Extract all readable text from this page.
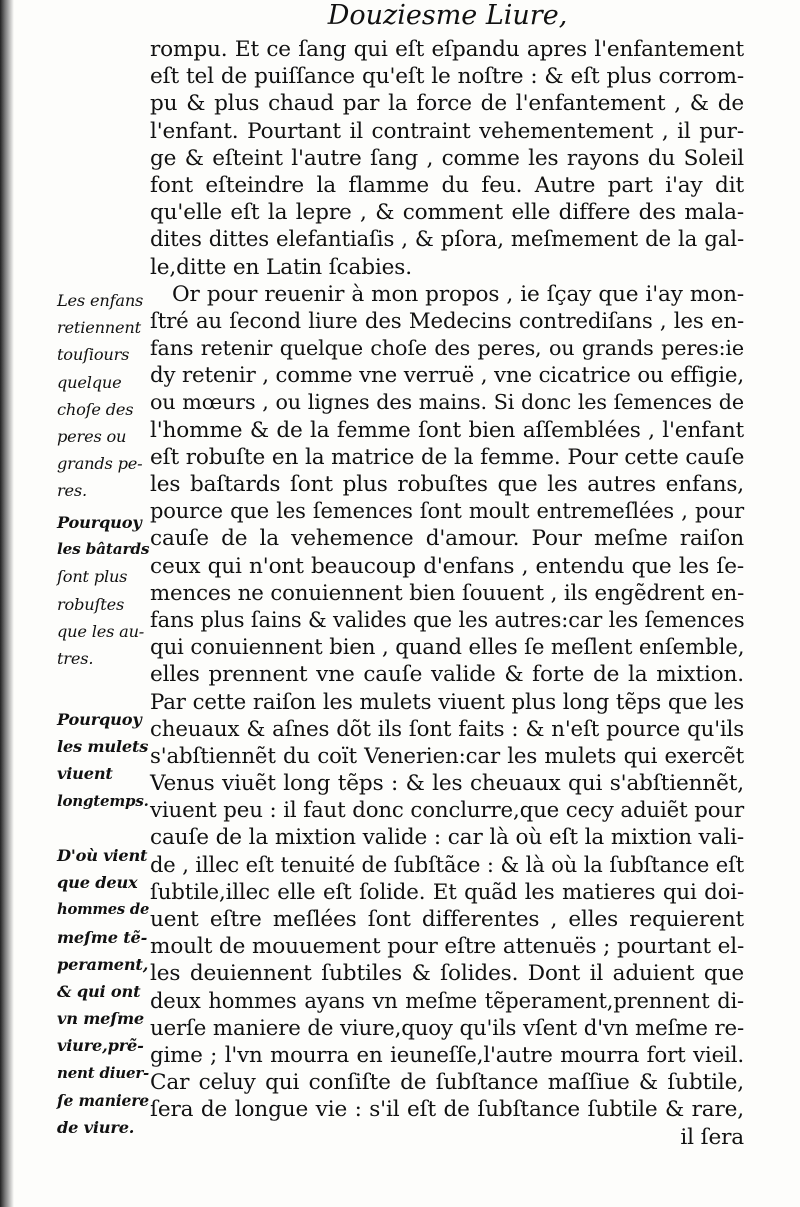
Douziesme Liure,
rompu. Et ce ſang qui eſt eſpandu apres l'enfantement
eſt tel de puiſſance qu'eſt le noſtre : & eſt plus corrom-
pu & plus chaud par la force de l'enfantement , & de
l'enfant. Pourtant il contraint vehementement , il pur-
ge & eſteint l'autre ſang , comme les rayons du Soleil
font eſteindre la flamme du feu. Autre part i'ay dit
qu'elle eſt la lepre , & comment elle differe des mala-
dites dittes elefantiaſis , & pſora, meſmement de la gal-
le,ditte en Latin ſcabies.
Or pour reuenir à mon propos , ie ſçay que i'ay mon-
ſtré au ſecond liure des Medecins contrediſans , les en-
fans retenir quelque choſe des peres, ou grands peres:ie
dy retenir , comme vne verruë , vne cicatrice ou effigie,
ou mœurs , ou lignes des mains. Si donc les ſemences de
l'homme & de la femme ſont bien aſſemblées , l'enfant
eſt robuſte en la matrice de la femme. Pour cette cauſe
les baſtards ſont plus robuſtes que les autres enfans,
pource que les ſemences ſont moult entremeſlées , pour
cauſe de la vehemence d'amour. Pour meſme raiſon
ceux qui n'ont beaucoup d'enfans , entendu que les ſe-
mences ne conuiennent bien ſouuent , ils engẽdrent en-
fans plus ſains & valides que les autres:car les ſemences
qui conuiennent bien , quand elles ſe meſlent enſemble,
elles prennent vne cauſe valide & forte de la mixtion.
Par cette raiſon les mulets viuent plus long tẽps que les
cheuaux & aſnes dõt ils ſont faits : & n'eſt pource qu'ils
s'abſtiennẽt du coït Venerien:car les mulets qui exercẽt
Venus viuẽt long tẽps : & les cheuaux qui s'abſtiennẽt,
viuent peu : il faut donc conclurre,que cecy aduiẽt pour
cauſe de la mixtion valide : car là où eſt la mixtion vali-
de , illec eſt tenuité de ſubſtãce : & là où la ſubſtance eſt
ſubtile,illec elle eſt ſolide. Et quãd les matieres qui doi-
uent eſtre meſlées ſont differentes , elles requierent
moult de mouuement pour eſtre attenuës ; pourtant el-
les deuiennent ſubtiles & ſolides. Dont il aduient que
deux hommes ayans vn meſme tẽperament,prennent di-
uerſe maniere de viure,quoy qu'ils vſent d'vn meſme re-
gime ; l'vn mourra en ieuneſſe,l'autre mourra fort vieil.
Car celuy qui conſiſte de ſubſtance maſſiue & ſubtile,
ſera de longue vie : s'il eſt de ſubſtance ſubtile & rare,
il ſera
Les enfans
retiennent
touſiours
quelque
choſe des
peres ou
grands pe-
res.
Pourquoy
les bâtards
ſont plus
robuſtes
que les au-
tres.
Pourquoy
les mulets
viuent
longtemps.
D'où vient
que deux
hommes de
meſme tẽ-
perament,
& qui ont
vn meſme
viure,prẽ-
nent diuer-
ſe maniere
de viure.
